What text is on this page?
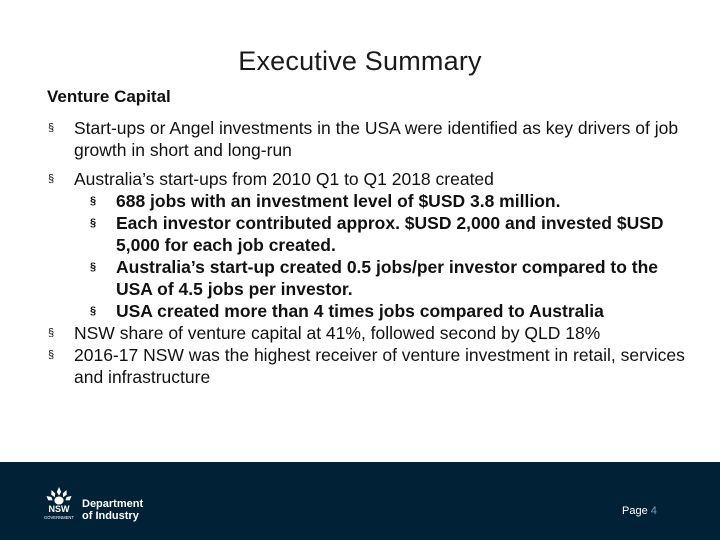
Executive Summary
Venture Capital
§ Start-ups or Angel investments in the USA were identified as key drivers of job growth in short and long-run
§ Australia’s start-ups from 2010 Q1 to Q1 2018 created
§ 688 jobs with an investment level of $USD 3.8 million.
§ Each investor contributed approx. $USD 2,000 and invested $USD 5,000 for each job created.
§ Australia’s start-up created 0.5 jobs/per investor compared to the USA of 4.5 jobs per investor.
§ USA created more than 4 times jobs compared to Australia
§ NSW share of venture capital at 41%, followed second by QLD 18%
§ 2016-17 NSW was the highest receiver of venture investment in retail, services and infrastructure
NSW
GOVERNMENT
Department
of Industry	Page 4
